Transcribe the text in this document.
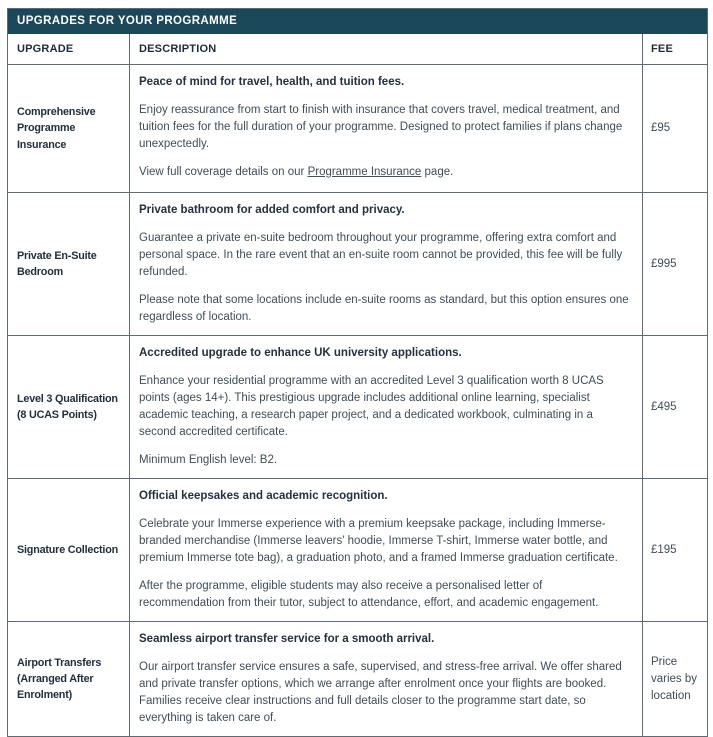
UPGRADES FOR YOUR PROGRAMME
UPGRADE	DESCRIPTION	FEE
Comprehensive Programme Insurance

Peace of mind for travel, health, and tuition fees.

Enjoy reassurance from start to finish with insurance that covers travel, medical treatment, and tuition fees for the full duration of your programme. Designed to protect families if plans change unexpectedly.

View full coverage details on our Programme Insurance page.

£95
Private En-Suite Bedroom

Private bathroom for added comfort and privacy.

Guarantee a private en-suite bedroom throughout your programme, offering extra comfort and personal space. In the rare event that an en-suite room cannot be provided, this fee will be fully refunded.

Please note that some locations include en-suite rooms as standard, but this option ensures one regardless of location.

£995
Level 3 Qualification (8 UCAS Points)

Accredited upgrade to enhance UK university applications.

Enhance your residential programme with an accredited Level 3 qualification worth 8 UCAS points (ages 14+). This prestigious upgrade includes additional online learning, specialist academic teaching, a research paper project, and a dedicated workbook, culminating in a second accredited certificate.

Minimum English level: B2.

£495
Signature Collection

Official keepsakes and academic recognition.

Celebrate your Immerse experience with a premium keepsake package, including Immerse-branded merchandise (Immerse leavers’ hoodie, Immerse T-shirt, Immerse water bottle, and premium Immerse tote bag), a graduation photo, and a framed Immerse graduation certificate.

After the programme, eligible students may also receive a personalised letter of recommendation from their tutor, subject to attendance, effort, and academic engagement.

£195
Airport Transfers (Arranged After Enrolment)

Seamless airport transfer service for a smooth arrival.

Our airport transfer service ensures a safe, supervised, and stress-free arrival. We offer shared and private transfer options, which we arrange after enrolment once your flights are booked. Families receive clear instructions and full details closer to the programme start date, so everything is taken care of.

Price varies by location
